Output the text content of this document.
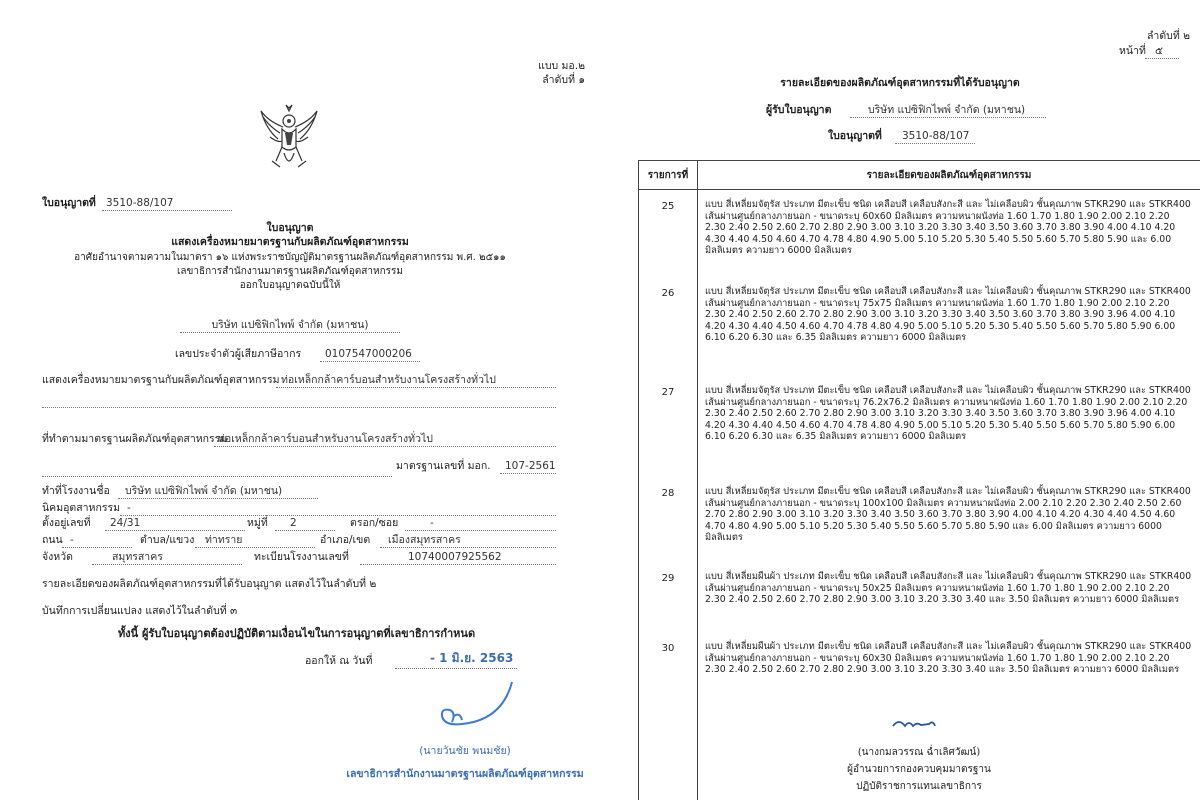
แบบ มอ.๒
ลำดับที่ ๑
ใบอนุญาตที่ 3510-88/107
ใบอนุญาต
แสดงเครื่องหมายมาตรฐานกับผลิตภัณฑ์อุตสาหกรรม
อาศัยอำนาจตามความในมาตรา ๑๖ แห่งพระราชบัญญัติมาตรฐานผลิตภัณฑ์อุตสาหกรรม พ.ศ. ๒๕๑๑
เลขาธิการสำนักงานมาตรฐานผลิตภัณฑ์อุตสาหกรรม
ออกใบอนุญาตฉบับนี้ให้
บริษัท แปซิฟิกไพพ์ จำกัด (มหาชน)
เลขประจำตัวผู้เสียภาษีอากร 0107547000206
แสดงเครื่องหมายมาตรฐานกับผลิตภัณฑ์อุตสาหกรรม ท่อเหล็กกล้าคาร์บอนสำหรับงานโครงสร้างทั่วไป
ที่ทำตามมาตรฐานผลิตภัณฑ์อุตสาหกรรม
ท่อเหล็กกล้าคาร์บอนสำหรับงานโครงสร้างทั่วไป
มาตรฐานเลขที่ มอก. 107-2561
ทำที่โรงงานชื่อ บริษัท แปซิฟิกไพพ์ จำกัด (มหาชน)
นิคมอุตสาหกรรม -
ตั้งอยู่เลขที่ 24/31	หมู่ที่ 2	ตรอก/ซอย	-
ถนน -	ตำบล/แขวง ท่าทราย	อำเภอ/เขต เมืองสมุทรสาคร
จังหวัด	สมุทรสาคร	ทะเบียนโรงงานเลขที่	10740007925562
รายละเอียดของผลิตภัณฑ์อุตสาหกรรมที่ได้รับอนุญาต แสดงไว้ในลำดับที่ ๒
บันทึกการเปลี่ยนแปลง แสดงไว้ในลำดับที่ ๓
ทั้งนี้ ผู้รับใบอนุญาตต้องปฏิบัติตามเงื่อนไขในการอนุญาตที่เลขาธิการกำหนด
ออกให้ ณ วันที่	- 1 มิ.ย. 2563
(นายวันชัย พนมชัย)
เลขาธิการสำนักงานมาตรฐานผลิตภัณฑ์อุตสาหกรรม
ลำดับที่ ๒
หน้าที่ ๕
รายละเอียดของผลิตภัณฑ์อุตสาหกรรมที่ได้รับอนุญาต
ผู้รับใบอนุญาต	บริษัท แปซิฟิกไพพ์ จำกัด (มหาชน)
ใบอนุญาตที่ 3510-88/107
รายการที่	รายละเอียดของผลิตภัณฑ์อุตสาหกรรม
25	แบบ สี่เหลี่ยมจัตุรัส ประเภท มีตะเข็บ ชนิด เคลือบสี เคลือบสังกะสี และ ไม่เคลือบผิว ชั้นคุณภาพ STKR290 และ STKR400 เส้นผ่านศูนย์กลางภายนอก - ขนาดระบุ 60x60 มิลลิเมตร ความหนาผนังท่อ 1.60 1.70 1.80 1.90 2.00 2.10 2.20 2.30 2.40 2.50 2.60 2.70 2.80 2.90 3.00 3.10 3.20 3.30 3.40 3.50 3.60 3.70 3.80 3.90 4.00 4.10 4.20 4.30 4.40 4.50 4.60 4.70 4.78 4.80 4.90 5.00 5.10 5.20 5.30 5.40 5.50 5.60 5.70 5.80 5.90 และ 6.00 มิลลิเมตร ความยาว 6000 มิลลิเมตร
26	แบบ สี่เหลี่ยมจัตุรัส ประเภท มีตะเข็บ ชนิด เคลือบสี เคลือบสังกะสี และ ไม่เคลือบผิว ชั้นคุณภาพ STKR290 และ STKR400 เส้นผ่านศูนย์กลางภายนอก - ขนาดระบุ 75x75 มิลลิเมตร ความหนาผนังท่อ 1.60 1.70 1.80 1.90 2.00 2.10 2.20 2.30 2.40 2.50 2.60 2.70 2.80 2.90 3.00 3.10 3.20 3.30 3.40 3.50 3.60 3.70 3.80 3.90 3.96 4.00 4.10 4.20 4.30 4.40 4.50 4.60 4.70 4.78 4.80 4.90 5.00 5.10 5.20 5.30 5.40 5.50 5.60 5.70 5.80 5.90 6.00 6.10 6.20 6.30 และ 6.35 มิลลิเมตร ความยาว 6000 มิลลิเมตร
27	แบบ สี่เหลี่ยมจัตุรัส ประเภท มีตะเข็บ ชนิด เคลือบสี เคลือบสังกะสี และ ไม่เคลือบผิว ชั้นคุณภาพ STKR290 และ STKR400 เส้นผ่านศูนย์กลางภายนอก - ขนาดระบุ 76.2x76.2 มิลลิเมตร ความหนาผนังท่อ 1.60 1.70 1.80 1.90 2.00 2.10 2.20 2.30 2.40 2.50 2.60 2.70 2.80 2.90 3.00 3.10 3.20 3.30 3.40 3.50 3.60 3.70 3.80 3.90 3.96 4.00 4.10 4.20 4.30 4.40 4.50 4.60 4.70 4.78 4.80 4.90 5.00 5.10 5.20 5.30 5.40 5.50 5.60 5.70 5.80 5.90 6.00 6.10 6.20 6.30 และ 6.35 มิลลิเมตร ความยาว 6000 มิลลิเมตร
28	แบบ สี่เหลี่ยมจัตุรัส ประเภท มีตะเข็บ ชนิด เคลือบสี เคลือบสังกะสี และ ไม่เคลือบผิว ชั้นคุณภาพ STKR290 และ STKR400 เส้นผ่านศูนย์กลางภายนอก - ขนาดระบุ 100x100 มิลลิเมตร ความหนาผนังท่อ 2.00 2.10 2.20 2.30 2.40 2.50 2.60 2.70 2.80 2.90 3.00 3.10 3.20 3.30 3.40 3.50 3.60 3.70 3.80 3.90 4.00 4.10 4.20 4.30 4.40 4.50 4.60 4.70 4.80 4.90 5.00 5.10 5.20 5.30 5.40 5.50 5.60 5.70 5.80 5.90 และ 6.00 มิลลิเมตร ความยาว 6000 มิลลิเมตร
29	แบบ สี่เหลี่ยมผืนผ้า ประเภท มีตะเข็บ ชนิด เคลือบสี เคลือบสังกะสี และ ไม่เคลือบผิว ชั้นคุณภาพ STKR290 และ STKR400 เส้นผ่านศูนย์กลางภายนอก - ขนาดระบุ 50x25 มิลลิเมตร ความหนาผนังท่อ 1.60 1.70 1.80 1.90 2.00 2.10 2.20 2.30 2.40 2.50 2.60 2.70 2.80 2.90 3.00 3.10 3.20 3.30 3.40 และ 3.50 มิลลิเมตร ความยาว 6000 มิลลิเมตร
30	แบบ สี่เหลี่ยมผืนผ้า ประเภท มีตะเข็บ ชนิด เคลือบสี เคลือบสังกะสี และ ไม่เคลือบผิว ชั้นคุณภาพ STKR290 และ STKR400 เส้นผ่านศูนย์กลางภายนอก - ขนาดระบุ 60x30 มิลลิเมตร ความหนาผนังท่อ 1.60 1.70 1.80 1.90 2.00 2.10 2.20 2.30 2.40 2.50 2.60 2.70 2.80 2.90 3.00 3.10 3.20 3.30 3.40 และ 3.50 มิลลิเมตร ความยาว 6000 มิลลิเมตร
(นางกมลวรรณ ฉ่ำเลิศวัฒน์)
ผู้อำนวยการกองควบคุมมาตรฐาน
ปฏิบัติราชการแทนเลขาธิการ
